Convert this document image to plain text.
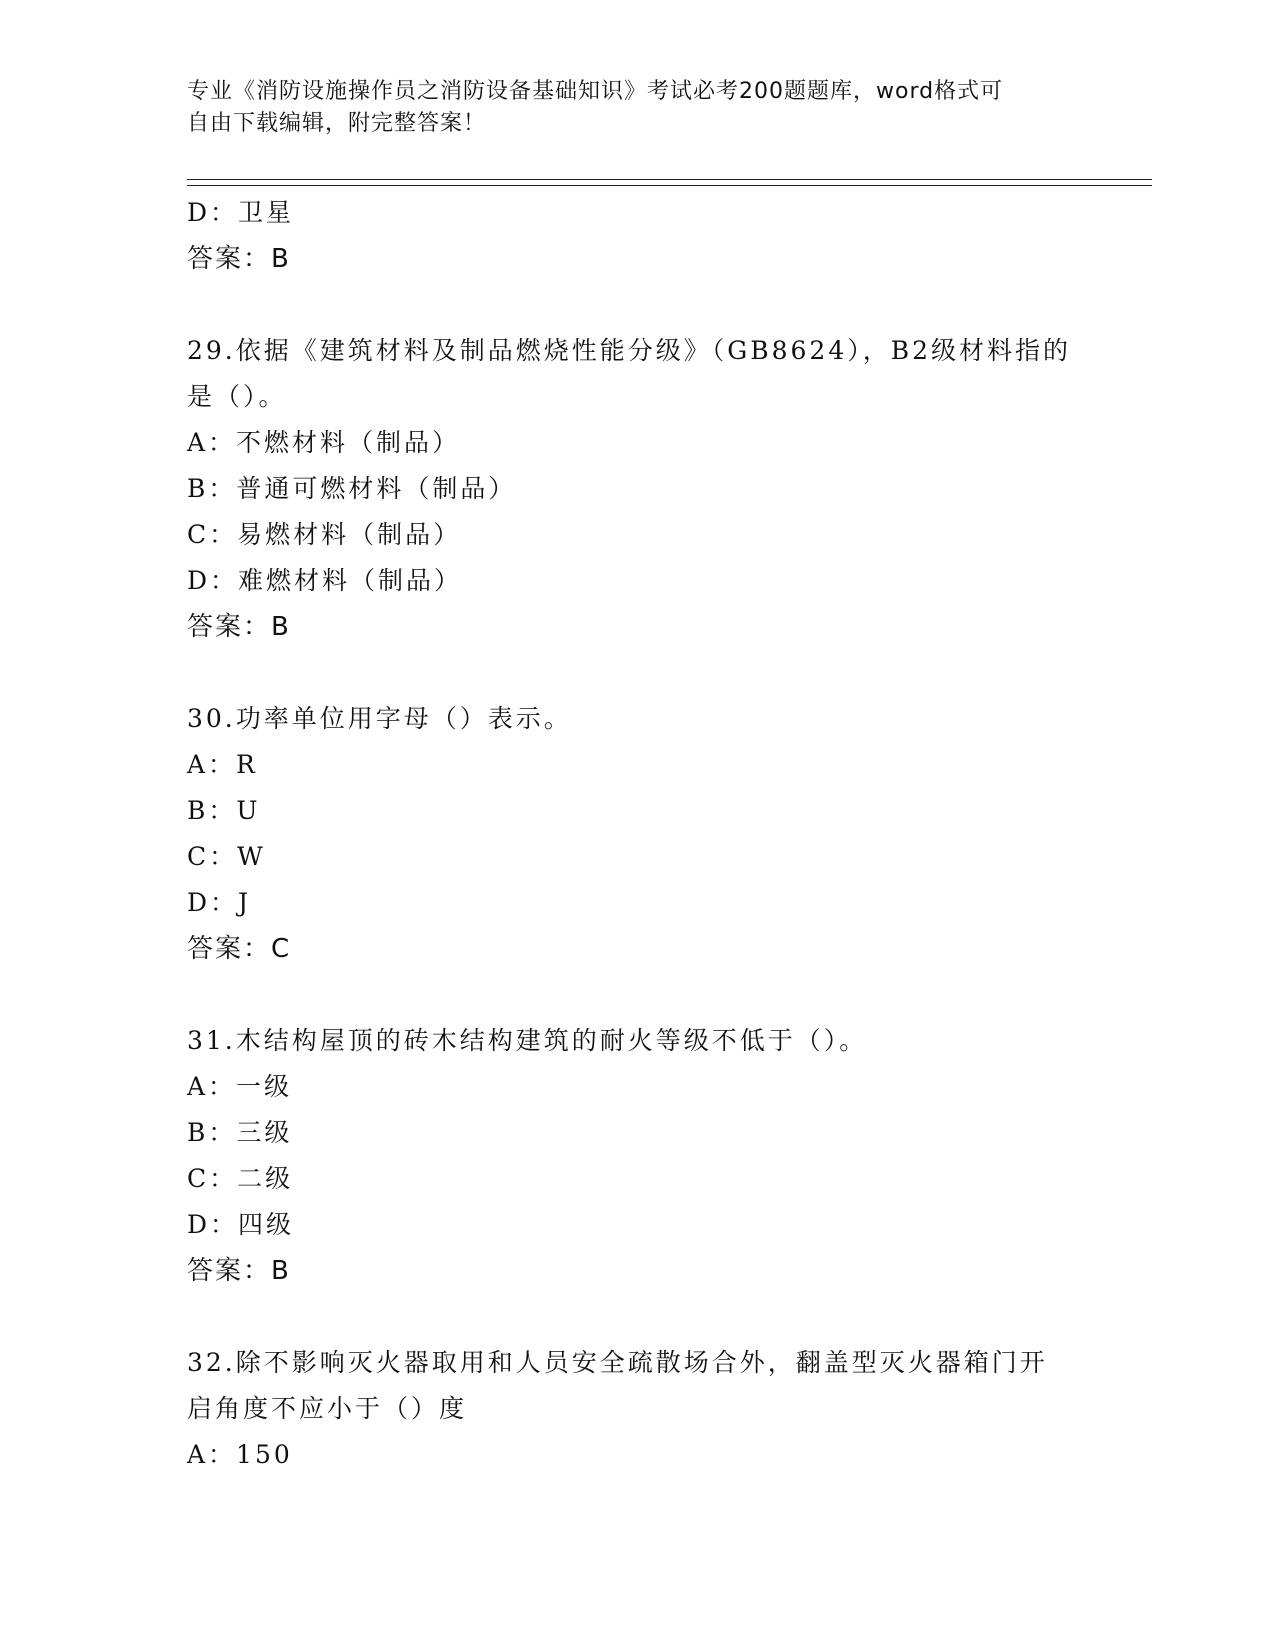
专业《消防设施操作员之消防设备基础知识》考试必考200题题库，word格式可
自由下载编辑，附完整答案！
D：卫星
答案：B
29.依据《建筑材料及制品燃烧性能分级》（GB8624），B2级材料指的
是（）。
A：不燃材料（制品）
B：普通可燃材料（制品）
C：易燃材料（制品）
D：难燃材料（制品）
答案：B
30.功率单位用字母（）表示。
A：R
B：U
C：W
D：J
答案：C
31.木结构屋顶的砖木结构建筑的耐火等级不低于（）。
A：一级
B：三级
C：二级
D：四级
答案：B
32.除不影响灭火器取用和人员安全疏散场合外，翻盖型灭火器箱门开
启角度不应小于（）度
A：150
